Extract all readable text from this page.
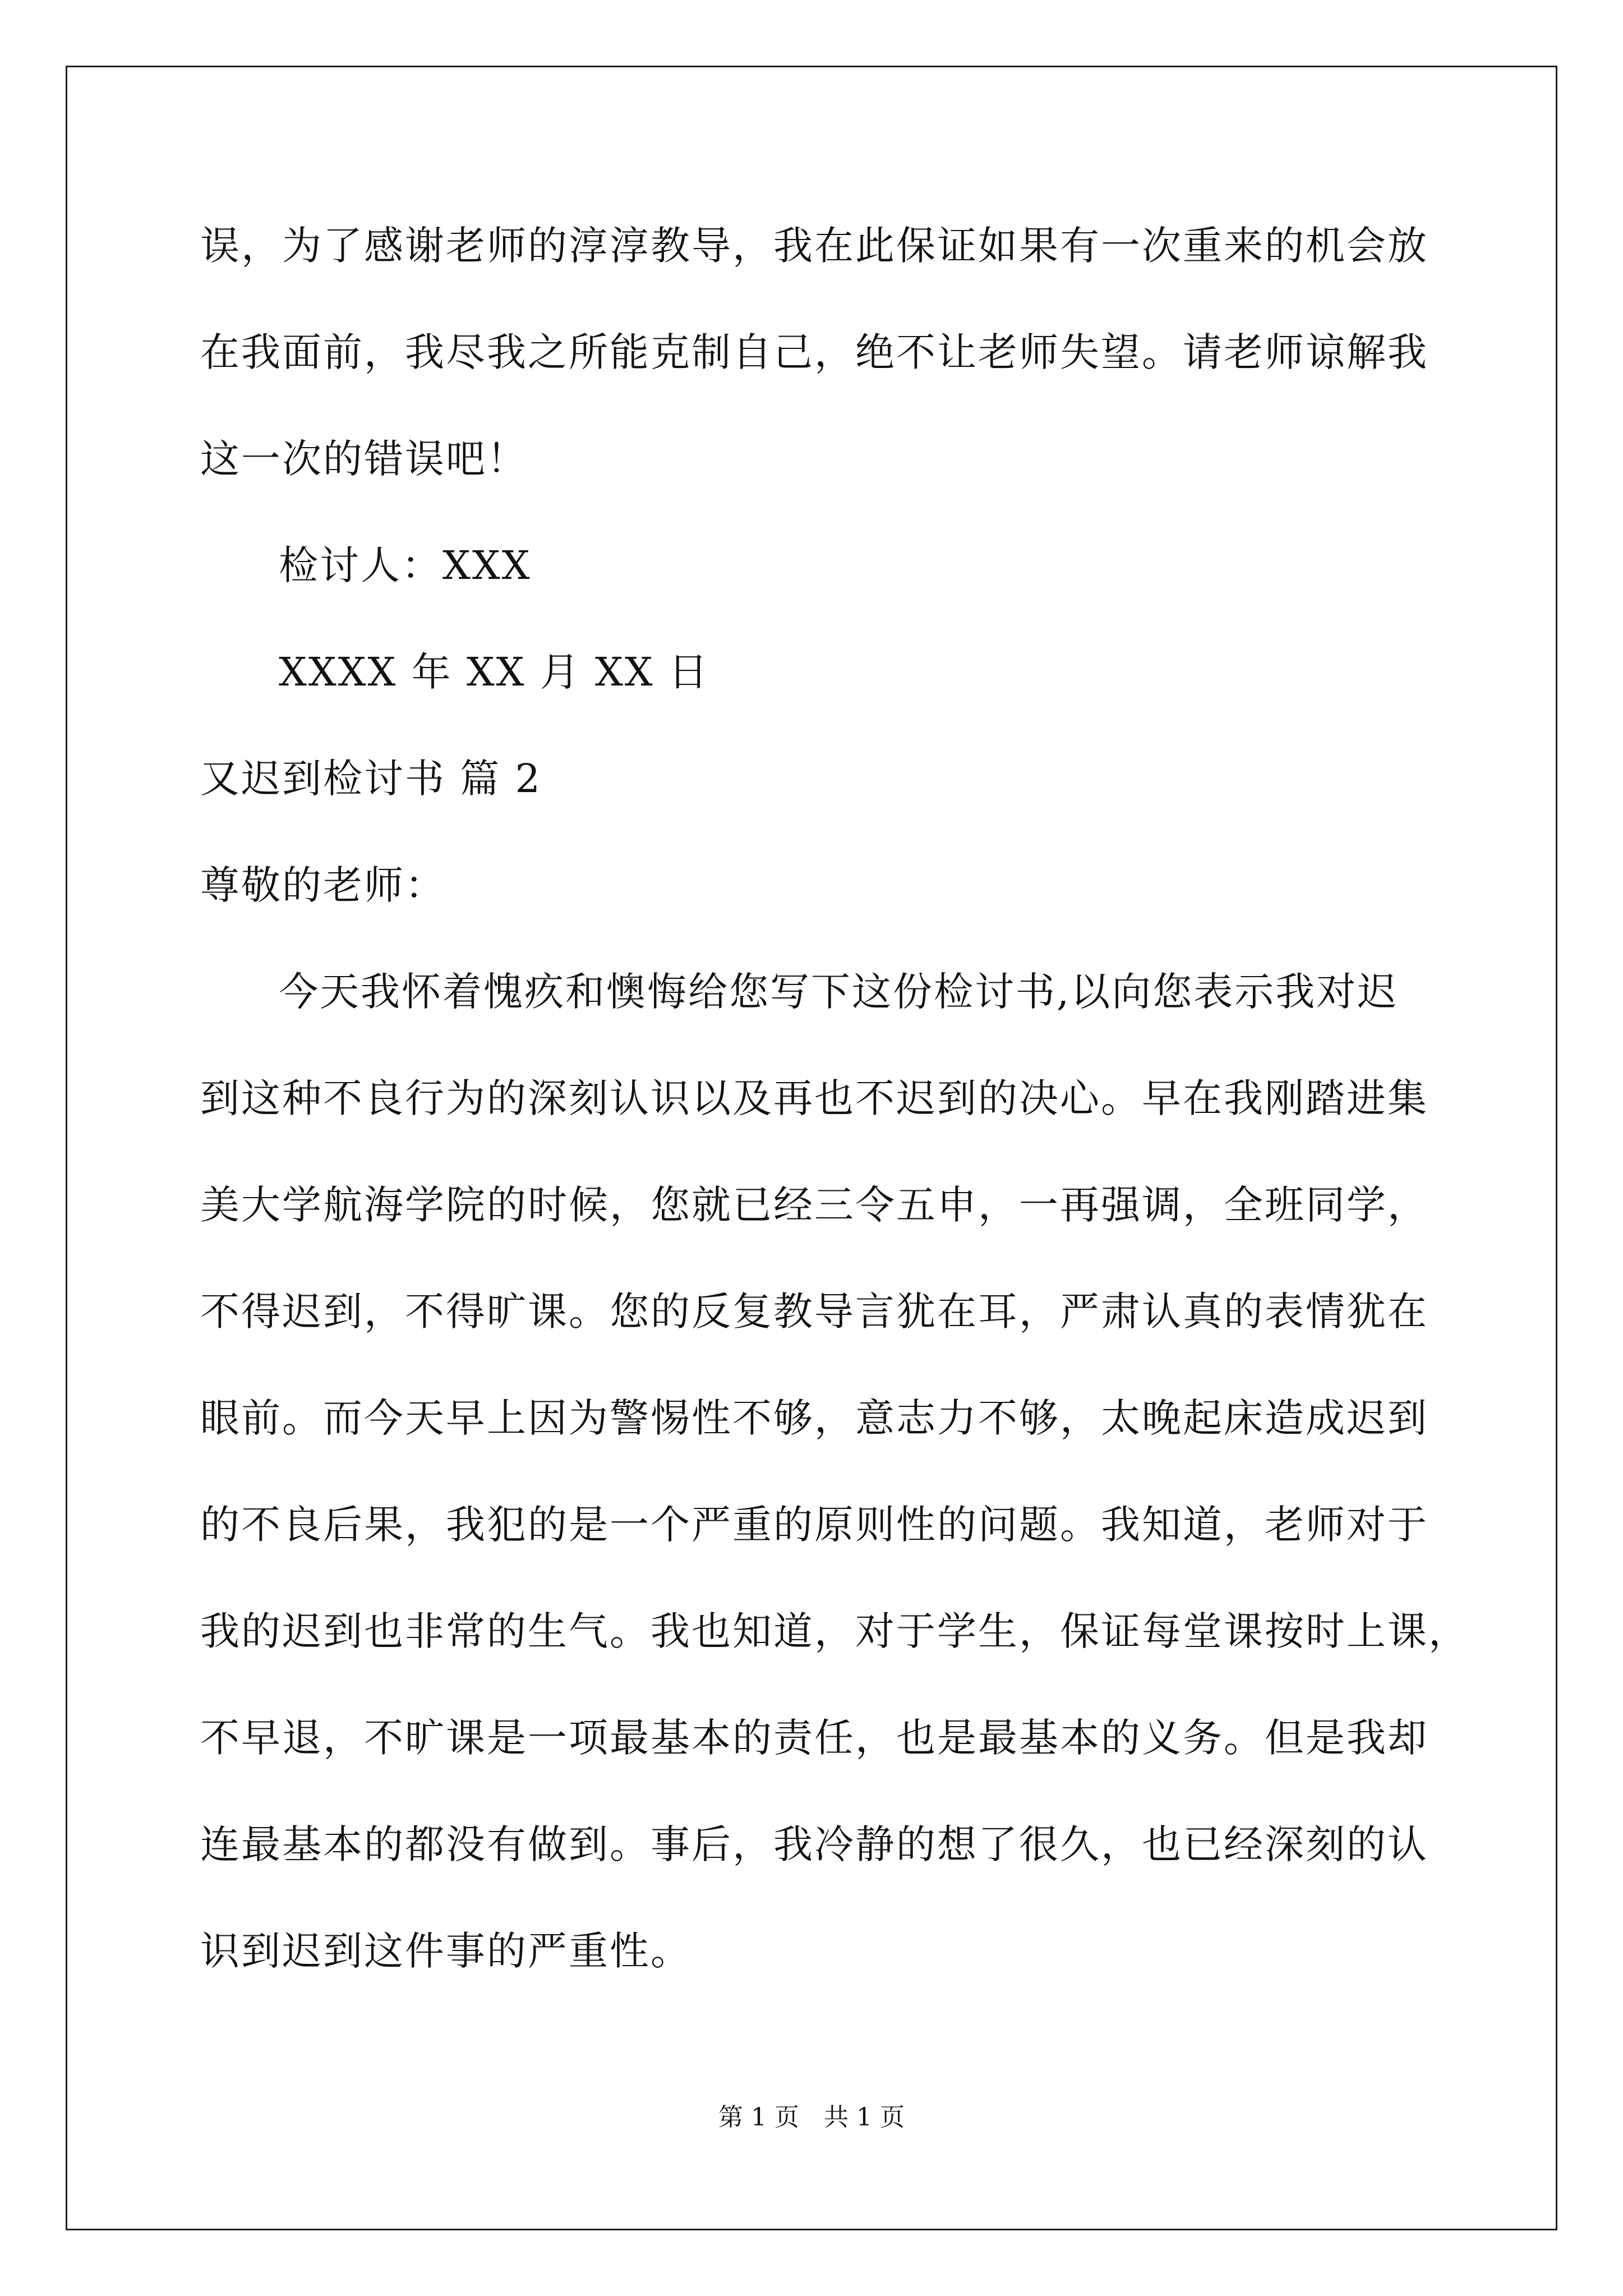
误，为了感谢老师的淳淳教导，我在此保证如果有一次重来的机会放
在我面前，我尽我之所能克制自己，绝不让老师失望。请老师谅解我
这一次的错误吧！
检讨人：XXX
XXXX 年 XX 月 XX 日
又迟到检讨书 篇 2
尊敬的老师：
今天我怀着愧疚和懊悔给您写下这份检讨书,以向您表示我对迟
到这种不良行为的深刻认识以及再也不迟到的决心。早在我刚踏进集
美大学航海学院的时候，您就已经三令五申，一再强调，全班同学，
不得迟到，不得旷课。您的反复教导言犹在耳，严肃认真的表情犹在
眼前。而今天早上因为警惕性不够，意志力不够，太晚起床造成迟到
的不良后果，我犯的是一个严重的原则性的问题。我知道，老师对于
我的迟到也非常的生气。我也知道，对于学生，保证每堂课按时上课，
不早退，不旷课是一项最基本的责任，也是最基本的义务。但是我却
连最基本的都没有做到。事后，我冷静的想了很久，也已经深刻的认
识到迟到这件事的严重性。
第 1 页　共 1 页
